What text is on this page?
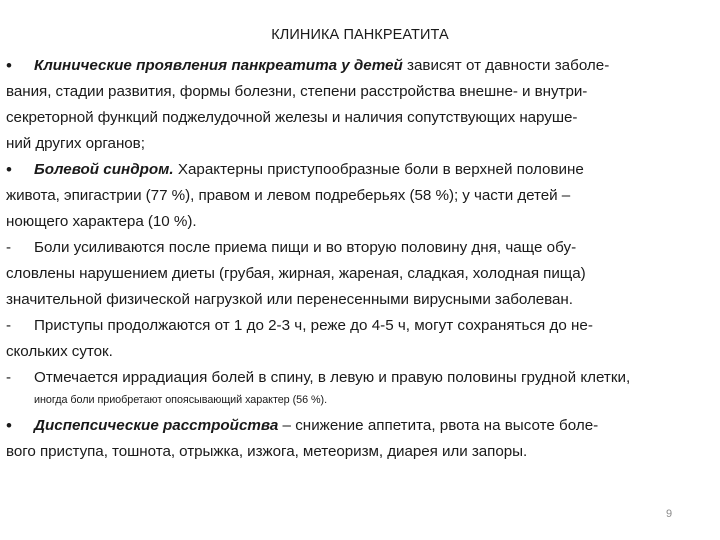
КЛИНИКА ПАНКРЕАТИТА
• Клинические проявления панкреатита у детей зависят от давности заболе-
вания, стадии развития, формы болезни, степени расстройства внешне- и внутри-
секреторной функций поджелудочной железы и наличия сопутствующих наруше-
ний других органов;
• Болевой синдром. Характерны приступообразные боли в верхней половине
живота, эпигастрии (77 %), правом и левом подреберьях (58 %); у части детей –
ноющего характера (10 %).
- Боли усиливаются после приема пищи и во вторую половину дня, чаще обу-
словлены нарушением диеты (грубая, жирная, жареная, сладкая, холодная пища)
значительной физической нагрузкой или перенесенными вирусными заболеван.
- Приступы продолжаются от 1 до 2-3 ч, реже до 4-5 ч, могут сохраняться до не-
скольких суток.
- Отмечается иррадиация болей в спину, в левую и правую половины грудной клетки,
иногда боли приобретают опоясывающий характер (56 %).
• Диспепсические расстройства – снижение аппетита, рвота на высоте боле-
вого приступа, тошнота, отрыжка, изжога, метеоризм, диарея или запоры.
9
